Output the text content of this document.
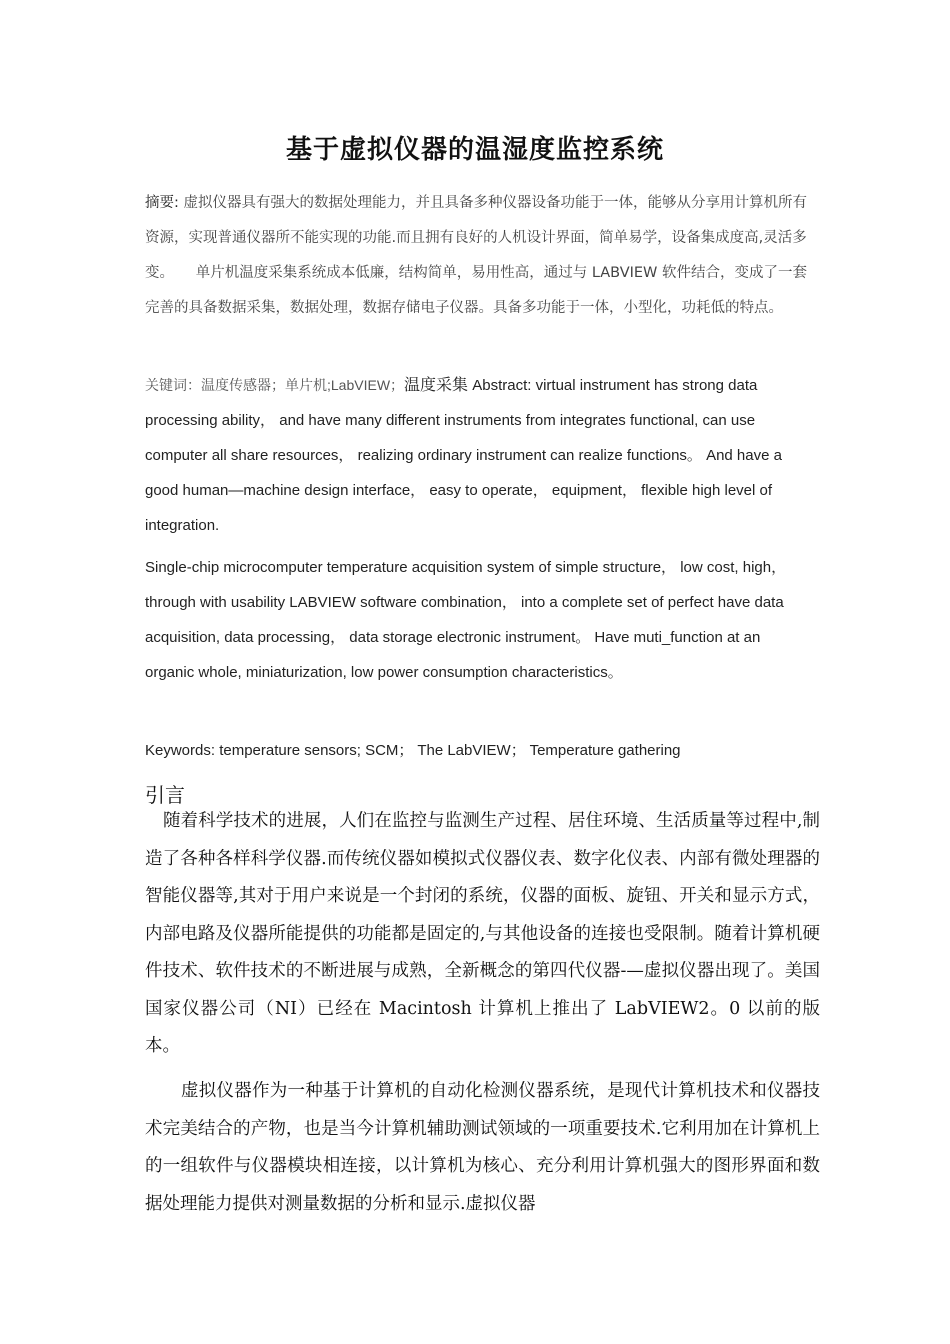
基于虚拟仪器的温湿度监控系统
摘要: 虚拟仪器具有强大的数据处理能力，并且具备多种仪器设备功能于一体，能够从分享用计算机所有资源，实现普通仪器所不能实现的功能.而且拥有良好的人机设计界面，简单易学，设备集成度高,灵活多变。　　单片机温度采集系统成本低廉，结构简单，易用性高，通过与 LABVIEW 软件结合，变成了一套完善的具备数据采集，数据处理，数据存储电子仪器。具备多功能于一体，小型化，功耗低的特点。
关键词：温度传感器；单片机;LabVIEW；温度采集 Abstract: virtual instrument has strong data processing ability， and have many different instruments from integrates functional, can use computer all share resources， realizing ordinary instrument can realize functions。 And have a good human—machine design interface， easy to operate， equipment， flexible high level of integration.
Single-chip microcomputer temperature acquisition system of simple structure， low cost, high， through with usability LABVIEW software combination， into a complete set of perfect have data acquisition, data processing， data storage electronic instrument。 Have muti_function at an organic whole, miniaturization, low power consumption characteristics。
Keywords: temperature sensors; SCM； The LabVIEW； Temperature gathering
引言
随着科学技术的进展，人们在监控与监测生产过程、居住环境、生活质量等过程中,制造了各种各样科学仪器.而传统仪器如模拟式仪器仪表、数字化仪表、内部有微处理器的智能仪器等,其对于用户来说是一个封闭的系统，仪器的面板、旋钮、开关和显示方式，内部电路及仪器所能提供的功能都是固定的,与其他设备的连接也受限制。随着计算机硬件技术、软件技术的不断进展与成熟，全新概念的第四代仪器-—虚拟仪器出现了。美国国家仪器公司（NI）已经在 Macintosh 计算机上推出了 LabVIEW2。0 以前的版本。
虚拟仪器作为一种基于计算机的自动化检测仪器系统，是现代计算机技术和仪器技术完美结合的产物，也是当今计算机辅助测试领域的一项重要技术.它利用加在计算机上的一组软件与仪器模块相连接，以计算机为核心、充分利用计算机强大的图形界面和数据处理能力提供对测量数据的分析和显示.虚拟仪器
